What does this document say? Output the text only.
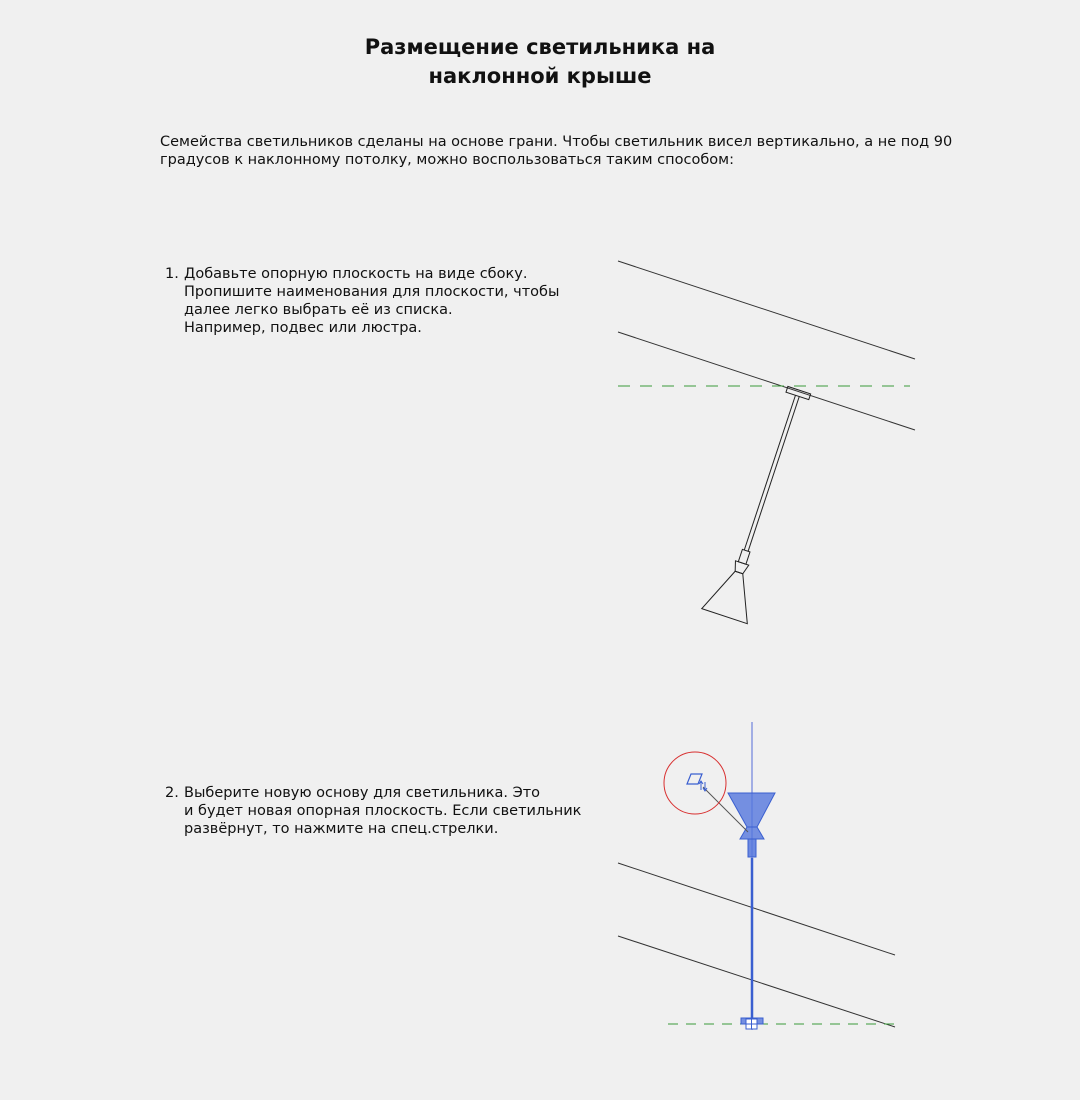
Размещение светильника на
наклонной крыше

Семейства светильников сделаны на основе грани. Чтобы светильник висел вертикально, а не под 90
градусов к наклонному потолку, можно воспользоваться таким способом:

1. Добавьте опорную плоскость на виде сбоку.
Пропишите наименования для плоскости, чтобы
далее легко выбрать её из списка.
Например, подвес или люстра.
2. Выберите новую основу для светильника. Это
и будет новая опорная плоскость. Если светильник
развёрнут, то нажмите на спец.стрелки.
